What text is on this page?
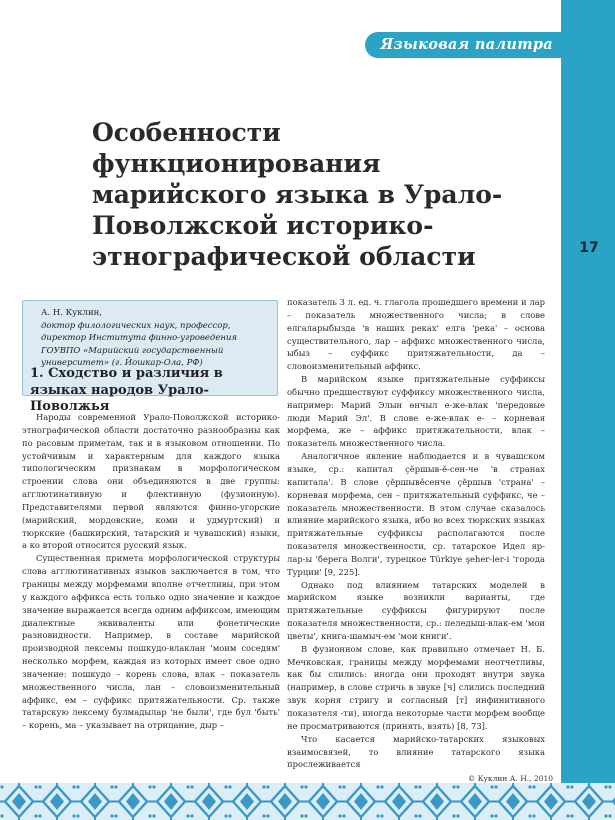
Языковая палитра
17
Особенности функционирования марийского языка в Урало-Поволжской историко-этнографической области
А. Н. Куклин,
доктор филологических наук, профессор, директор Института финно-угроведения ГОУВПО «Марийский государственный университет» (г. Йошкар-Ола, РФ)
1. Сходство и различия в языках народов Урало-Поволжья

Народы современной Урало-Поволжской историко-этнографической области достаточно разнообразны как по расовым приметам, так и в языковом отношении. По устойчивым и характерным для каждого языка типологическим признакам в морфологическом строении слова они объединяются в две группы: агглютинативную и флективную (фузионную). Представителями первой являются финно-угорские (марийский, мордовские, коми и удмуртский) и тюркские (башкирский, татарский и чувашский) языки, а ко второй относится русский язык.

Существенная примета морфологической структуры слова агглютинативных языков заключается в том, что границы между морфемами вполне отчетливы, при этом у каждого аффикса есть только одно значение и каждое значение выражается всегда одним аффиксом, имеющим диалектные эквиваленты или фонетические разновидности. Например, в составе марийской производной лексемы пошкудо-влаклан 'моим соседям' несколько морфем, каждая из которых имеет свое одно значение: пошкудо – корень слова, влак – показатель множественного числа, лан – словоизменительный аффикс, ем – суффикс притяжательности. Ср. также татарскую лексему булмадылар 'не были', где бул 'быть' – корень, ма – указывает на отрицание, дыр –

показатель 3 л. ед. ч. глагола прошедшего времени и лар – показатель множественного числа; в слове елгаларыбызда 'в наших реках' елга 'река' – основа существительного, лар – аффикс множественного числа, ыбыз – суффикс притяжательности, да – словоизменительный аффикс.

В марийском языке притяжательные суффиксы обычно предшествуют суффиксу множественного числа, например: Марий Элын өнчыл е-же-влак 'передовые люди Марий Эл'. В слове е-же-влак е- – корневая морфема, же – аффикс притяжательности, влак – показатель множественного числа.

Аналогичное явление наблюдается и в чувашском языке, ср.: капитал çĕршыв-ĕ-сен-че 'в странах капитала'. В слове çĕршывĕсенче çĕршыв 'страна' – корневая морфема, сен – притяжательный суффикс, че – показатель множественности. В этом случае сказалось влияние марийского языка, ибо во всех тюркских языках притяжательные суффиксы располагаются после показателя множественности, ср. татарское Идел яр-лар-ы 'берега Волги', турецкое Türkiye şeher-ler-i 'города Турции' [9, 225].

Однако под влиянием татарских моделей в марийском языке возникли варианты, где притяжательные суффиксы фигурируют после показателя множественности, ср.: пеледыш-влак-ем 'мои цветы', книга-шамыч-ем 'мои книги'.

В фузионном слове, как правильно отмечает Н. Б. Мечковская, границы между морфемами неотчетливы, как бы слились: иногда они проходят внутри звука (например, в слове стричь в звуке [ч] слились последний звук корня стригу и согласный [т] инфинитивного показателя -ти), иногда некоторые части морфем вообще не просматриваются (принять, взять) [8, 73].

Что касается марийско-татарских языковых взаимосвязей, то влияние татарского языка прослеживается

© Куклин А. Н., 2010
